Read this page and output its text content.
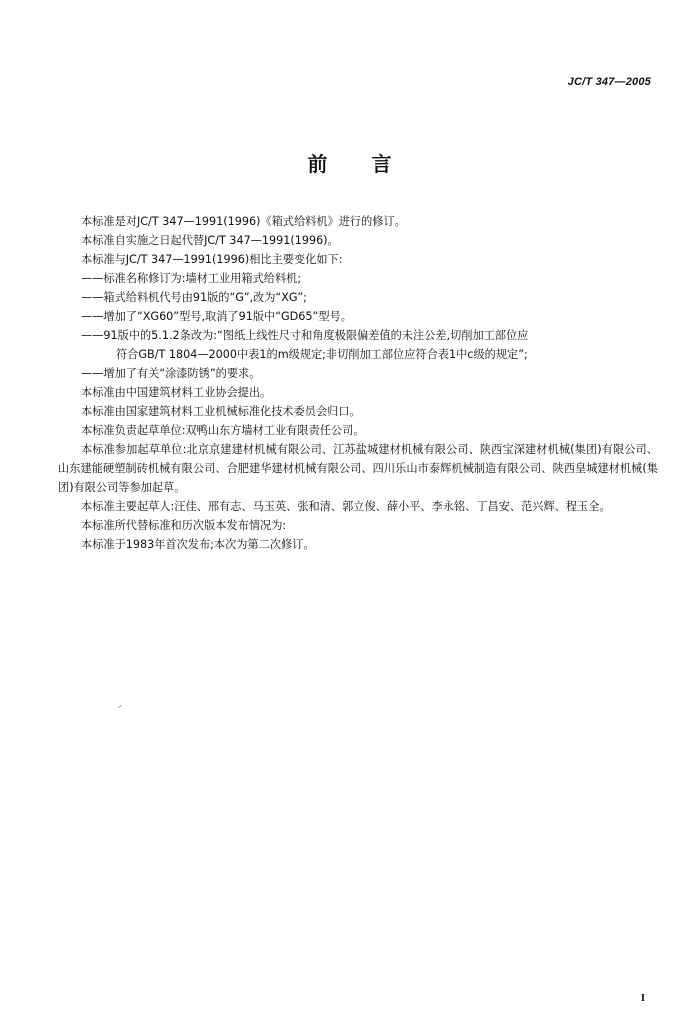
JC/T 347—2005
前言

本标准是对JC/T 347—1991(1996)《箱式给料机》进行的修订。

本标准自实施之日起代替JC/T 347—1991(1996)。

本标准与JC/T 347—1991(1996)相比主要变化如下:

——标准名称修订为:墙材工业用箱式给料机;

——箱式给料机代号由91版的“G”,改为“XG”;

——增加了“XG60”型号,取消了91版中“GD65”型号。

——91版中的5.1.2条改为:“图纸上线性尺寸和角度极限偏差值的未注公差,切削加工部位应

符合GB/T 1804—2000中表1的m级规定;非切削加工部位应符合表1中c级的规定”;

——增加了有关“涂漆防锈”的要求。

本标准由中国建筑材料工业协会提出。

本标准由国家建筑材料工业机械标准化技术委员会归口。

本标准负责起草单位:双鸭山东方墙材工业有限责任公司。

本标准参加起草单位:北京京建建材机械有限公司、江苏盐城建材机械有限公司、陕西宝深建材机械(集团)有限公司、山东建能硬塑制砖机械有限公司、合肥建华建材机械有限公司、四川乐山市泰辉机械制造有限公司、陕西皇城建材机械(集团)有限公司等参加起草。

本标准主要起草人:汪佳、邢有志、马玉英、张和清、郭立俊、薛小平、李永铭、丁昌安、范兴辉、程玉全。

本标准所代替标准和历次版本发布情况为:

本标准于1983年首次发布;本次为第二次修订。

I
